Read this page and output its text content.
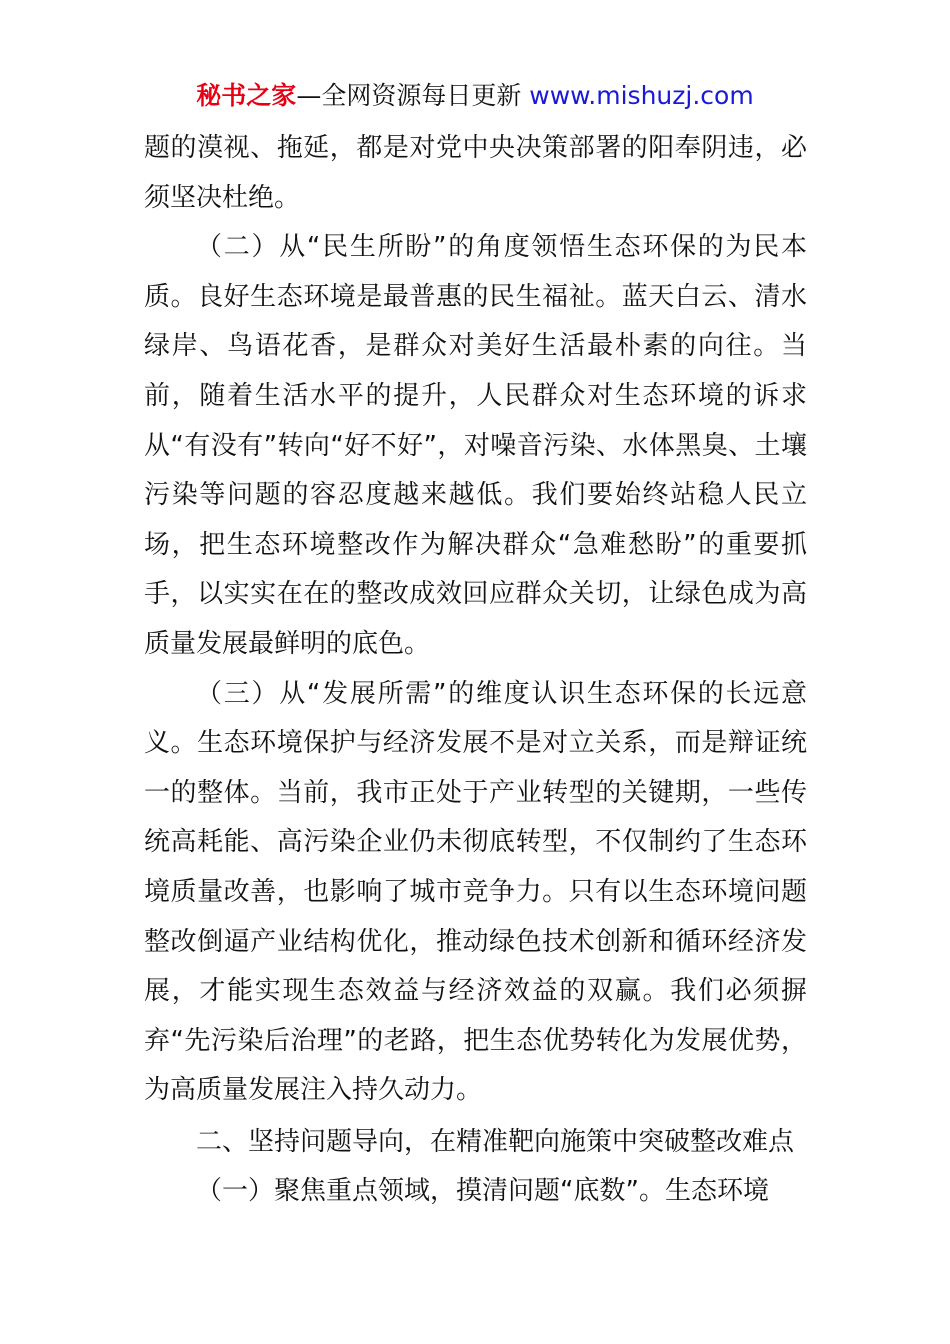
秘书之家—全网资源每日更新 www.mishuzj.com

题的漠视、拖延，都是对党中央决策部署的阳奉阴违，必须坚决杜绝。

（二）从“民生所盼”的角度领悟生态环保的为民本质。良好生态环境是最普惠的民生福祉。蓝天白云、清水绿岸、鸟语花香，是群众对美好生活最朴素的向往。当前，随着生活水平的提升，人民群众对生态环境的诉求从“有没有”转向“好不好”，对噪音污染、水体黑臭、土壤污染等问题的容忍度越来越低。我们要始终站稳人民立场，把生态环境整改作为解决群众“急难愁盼”的重要抓手，以实实在在的整改成效回应群众关切，让绿色成为高质量发展最鲜明的底色。

（三）从“发展所需”的维度认识生态环保的长远意义。生态环境保护与经济发展不是对立关系，而是辩证统一的整体。当前，我市正处于产业转型的关键期，一些传统高耗能、高污染企业仍未彻底转型，不仅制约了生态环境质量改善，也影响了城市竞争力。只有以生态环境问题整改倒逼产业结构优化，推动绿色技术创新和循环经济发展，才能实现生态效益与经济效益的双赢。我们必须摒弃“先污染后治理”的老路，把生态优势转化为发展优势，为高质量发展注入持久动力。

二、坚持问题导向，在精准靶向施策中突破整改难点

（一）聚焦重点领域，摸清问题“底数”。生态环境
